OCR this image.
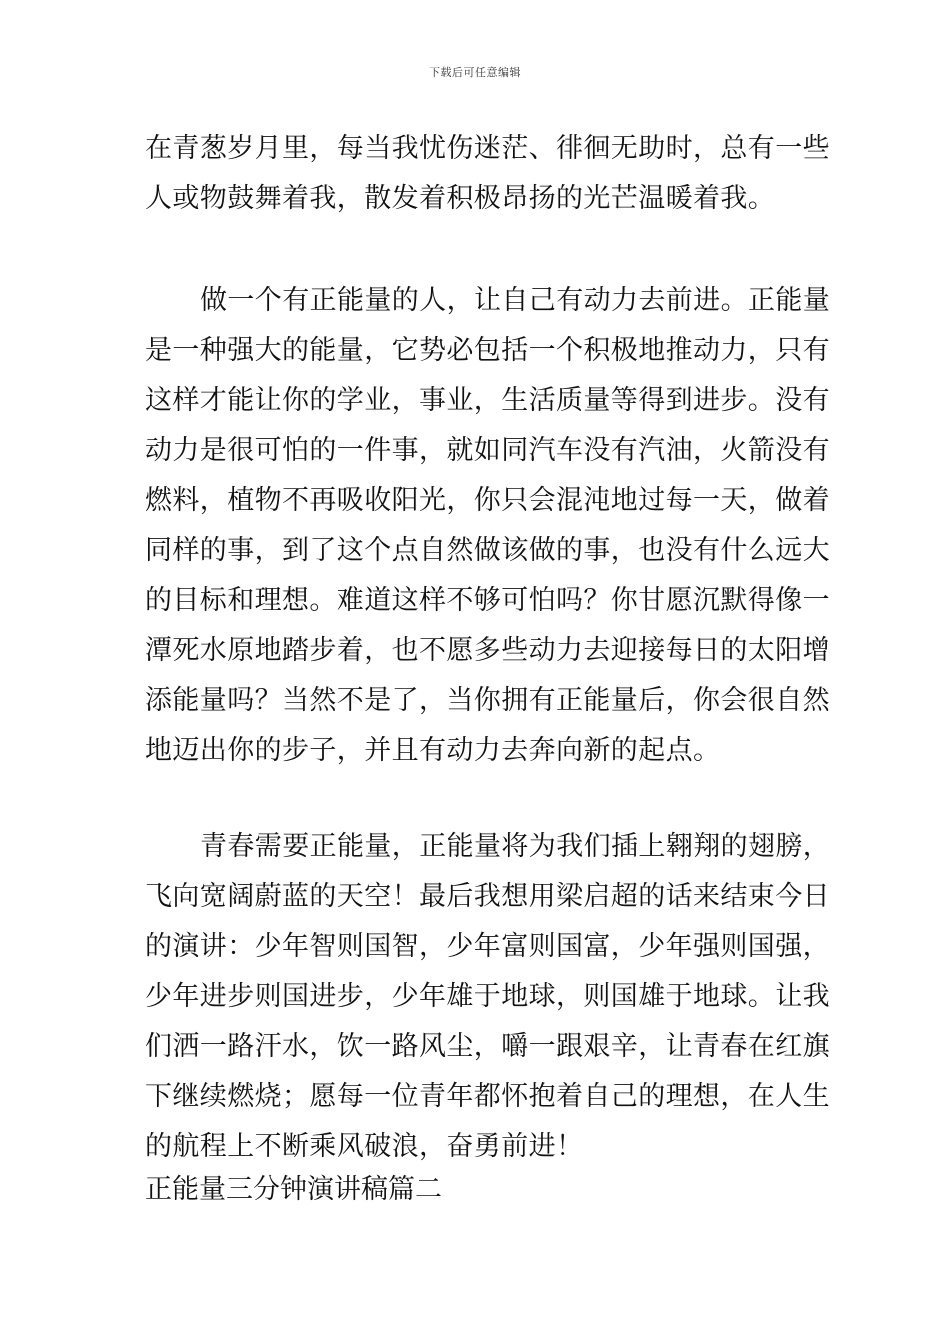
下载后可任意编辑
在青葱岁月里，每当我忧伤迷茫、徘徊无助时，总有一些
人或物鼓舞着我，散发着积极昂扬的光芒温暖着我。
做一个有正能量的人，让自己有动力去前进。正能量
是一种强大的能量，它势必包括一个积极地推动力，只有
这样才能让你的学业，事业，生活质量等得到进步。没有
动力是很可怕的一件事，就如同汽车没有汽油，火箭没有
燃料，植物不再吸收阳光，你只会混沌地过每一天，做着
同样的事，到了这个点自然做该做的事，也没有什么远大
的目标和理想。难道这样不够可怕吗？你甘愿沉默得像一
潭死水原地踏步着，也不愿多些动力去迎接每日的太阳增
添能量吗？当然不是了，当你拥有正能量后，你会很自然
地迈出你的步子，并且有动力去奔向新的起点。
青春需要正能量，正能量将为我们插上翱翔的翅膀，
飞向宽阔蔚蓝的天空！最后我想用梁启超的话来结束今日
的演讲：少年智则国智，少年富则国富，少年强则国强，
少年进步则国进步，少年雄于地球，则国雄于地球。让我
们洒一路汗水，饮一路风尘，嚼一跟艰辛，让青春在红旗
下继续燃烧；愿每一位青年都怀抱着自己的理想，在人生
的航程上不断乘风破浪，奋勇前进！
正能量三分钟演讲稿篇二
